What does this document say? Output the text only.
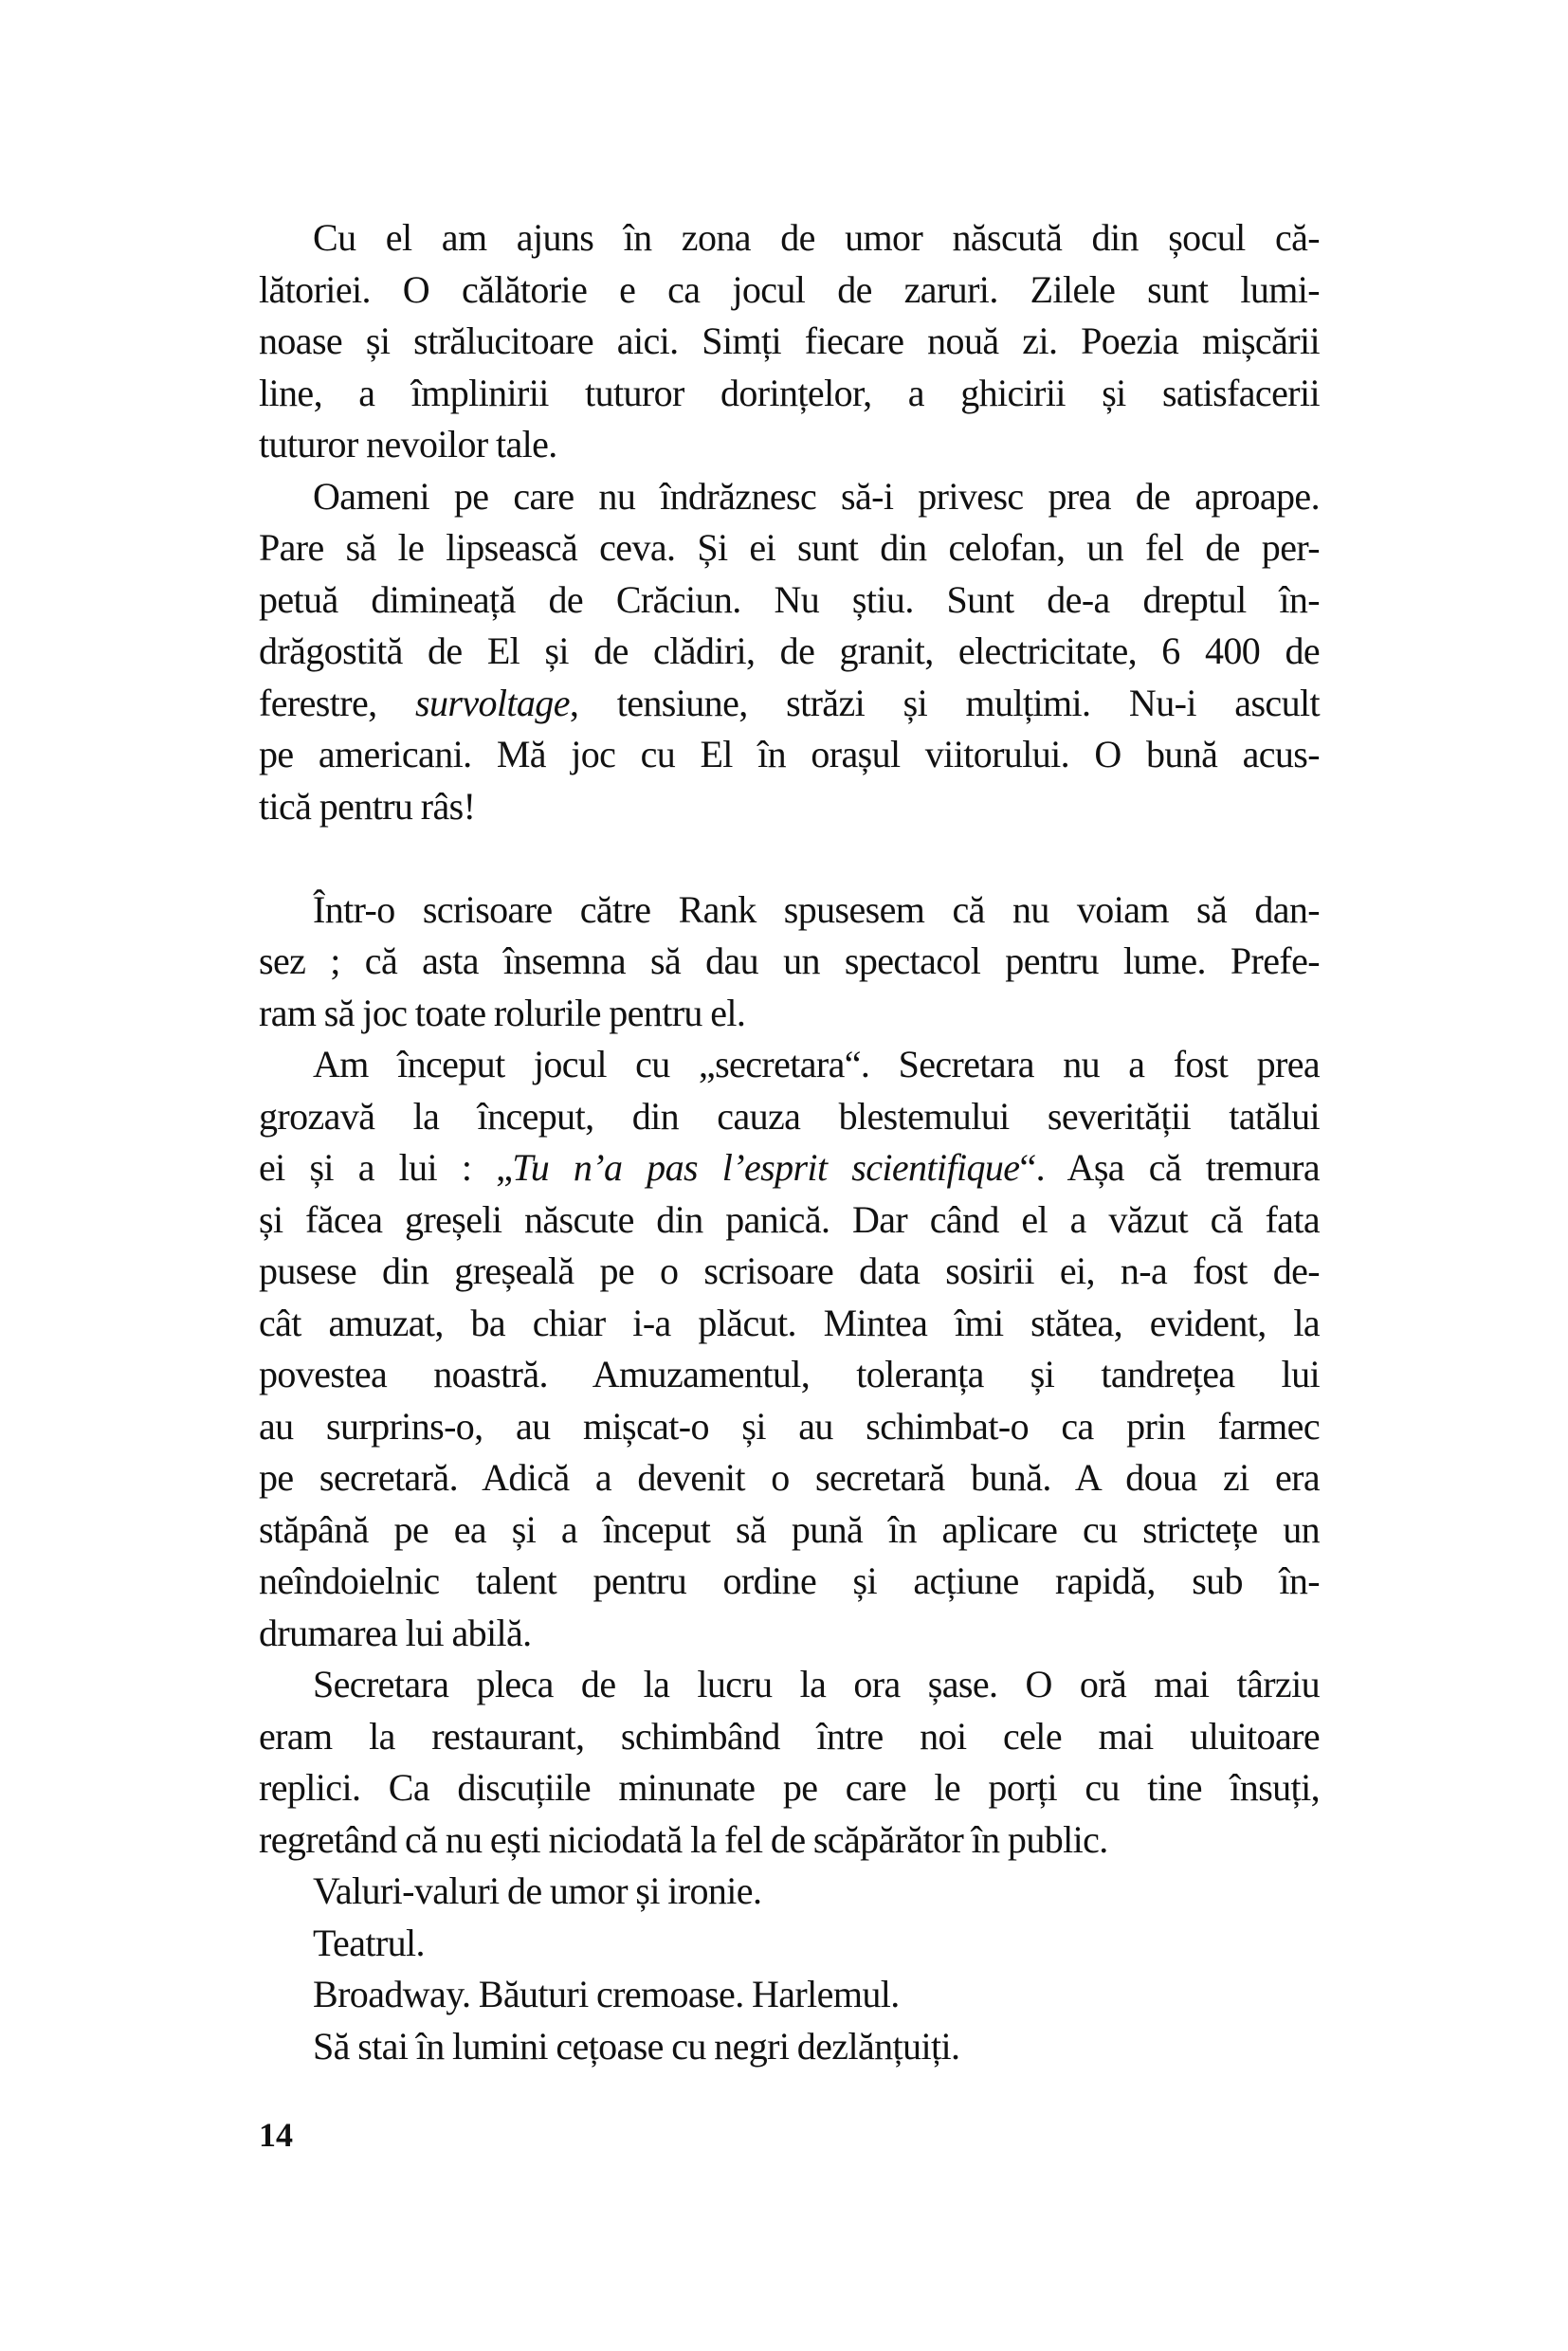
Cu el am ajuns în zona de umor născută din șocul că-
lătoriei. O călătorie e ca jocul de zaruri. Zilele sunt lumi-
noase și strălucitoare aici. Simți fiecare nouă zi. Poezia mișcării
line, a împlinirii tuturor dorințelor, a ghicirii și satisfacerii
tuturor nevoilor tale.
Oameni pe care nu îndrăznesc să-i privesc prea de aproape.
Pare să le lipsească ceva. Și ei sunt din celofan, un fel de per-
petuă dimineață de Crăciun. Nu știu. Sunt de-a dreptul în-
drăgostită de El și de clădiri, de granit, electricitate, 6 400 de
ferestre, survoltage, tensiune, străzi și mulțimi. Nu-i ascult
pe americani. Mă joc cu El în orașul viitorului. O bună acus-
tică pentru râs!
Într-o scrisoare către Rank spusesem că nu voiam să dan-
sez ; că asta însemna să dau un spectacol pentru lume. Prefe-
ram să joc toate rolurile pentru el.
Am început jocul cu „secretara“. Secretara nu a fost prea
grozavă la început, din cauza blestemului severității tatălui
ei și a lui : „Tu n’a pas l’esprit scientifique“. Așa că tremura
și făcea greșeli născute din panică. Dar când el a văzut că fata
pusese din greșeală pe o scrisoare data sosirii ei, n-a fost de-
cât amuzat, ba chiar i-a plăcut. Mintea îmi stătea, evident, la
povestea noastră. Amuzamentul, toleranța și tandrețea lui
au surprins-o, au mișcat-o și au schimbat-o ca prin farmec
pe secretară. Adică a devenit o secretară bună. A doua zi era
stăpână pe ea și a început să pună în aplicare cu strictețe un
neîndoielnic talent pentru ordine și acțiune rapidă, sub în-
drumarea lui abilă.
Secretara pleca de la lucru la ora șase. O oră mai târziu
eram la restaurant, schimbând între noi cele mai uluitoare
replici. Ca discuțiile minunate pe care le porți cu tine însuți,
regretând că nu ești niciodată la fel de scăpărător în public.
Valuri-valuri de umor și ironie.
Teatrul.
Broadway. Băuturi cremoase. Harlemul.
Să stai în lumini cețoase cu negri dezlănțuiți.
14
